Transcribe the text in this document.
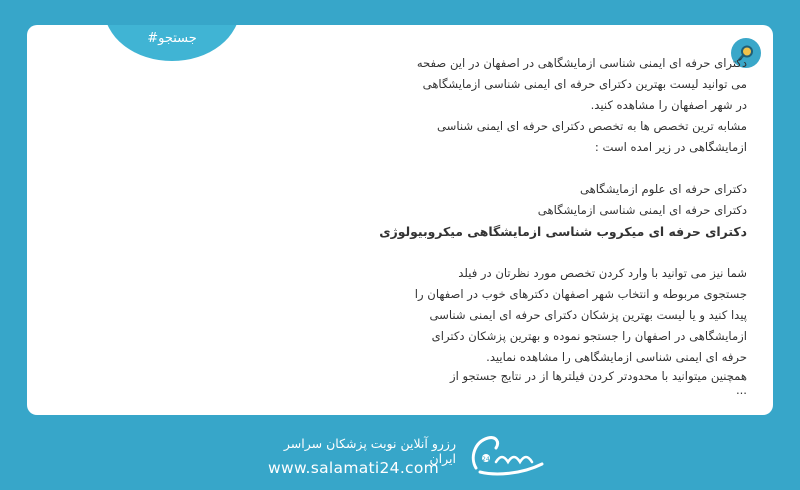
#جستجو
دکترای حرفه ای ایمنی شناسی ازمایشگاهی در اصفهان در این صفحه
می توانید لیست بهترین دکترای حرفه ای ایمنی شناسی ازمایشگاهی
در شهر اصفهان را مشاهده کنید.
مشابه ترین تخصص ها به تخصص دکترای حرفه ای ایمنی شناسی
ازمایشگاهی در زیر امده است :
دکترای حرفه ای علوم ازمایشگاهی
دکترای حرفه ای ایمنی شناسی ازمایشگاهی
دکترای حرفه ای میکروب شناسی ازمایشگاهی میکروبیولوژی
شما نیز می توانید با وارد کردن تخصص مورد نظرتان در فیلد
جستجوی مربوطه و انتخاب شهر اصفهان دکترهای خوب در اصفهان را
پیدا کنید و یا لیست بهترین پزشکان دکترای حرفه ای ایمنی شناسی
ازمایشگاهی در اصفهان را جستجو نموده و بهترین پزشکان دکترای
حرفه ای ایمنی شناسی ازمایشگاهی را مشاهده نمایید.
همچنین میتوانید با محدودتر کردن فیلترها از در نتایج جستجو از
...
رزرو آنلاین نوبت پزشکان سراسر ایران
www.salamati24.com	24
